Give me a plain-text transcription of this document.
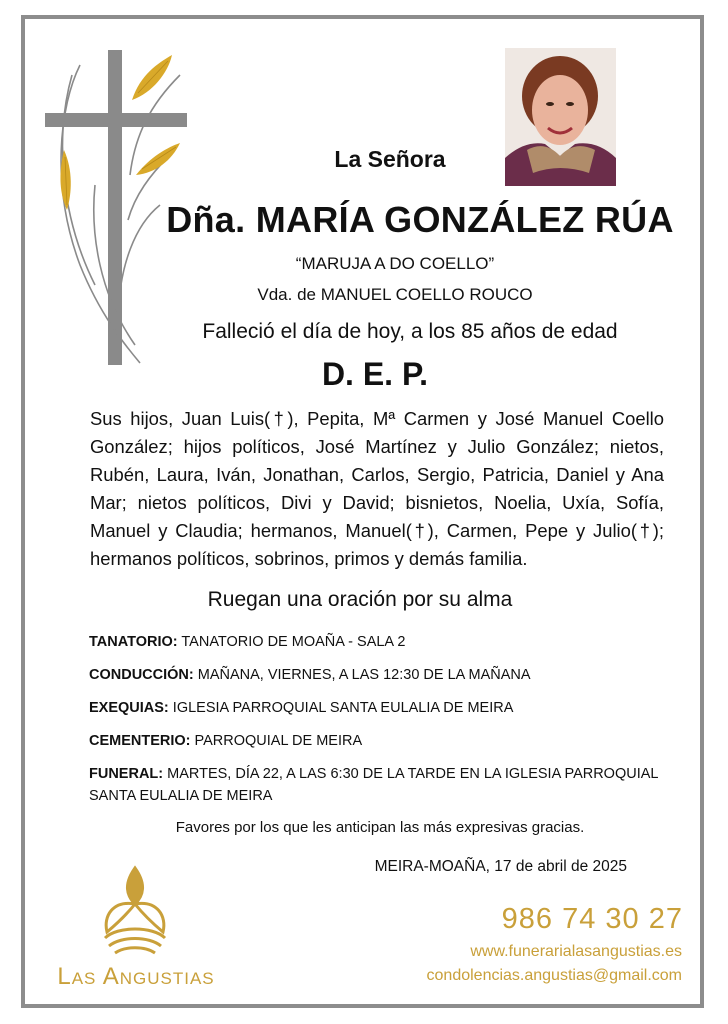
La Señora
Dña. MARÍA GONZÁLEZ RÚA
“MARUJA A DO COELLO”
Vda. de MANUEL COELLO ROUCO
Falleció el día de hoy, a los 85 años de edad
D. E. P.
Sus hijos, Juan Luis(†), Pepita, Mª Carmen y José Manuel Coello González; hijos políticos, José Martínez y Julio González; nietos, Rubén, Laura, Iván, Jonathan, Carlos, Sergio, Patricia, Daniel y Ana Mar; nietos políticos, Divi y David; bisnietos, Noelia, Uxía, Sofía, Manuel y Claudia; hermanos, Manuel(†), Carmen, Pepe y Julio(†); hermanos políticos, sobrinos, primos y demás familia.
Ruegan una oración por su alma
TANATORIO: TANATORIO DE MOAÑA - SALA 2
CONDUCCIÓN: MAÑANA, VIERNES, A LAS 12:30 DE LA MAÑANA
EXEQUIAS: IGLESIA PARROQUIAL SANTA EULALIA DE MEIRA
CEMENTERIO: PARROQUIAL DE MEIRA
FUNERAL: MARTES, DÍA 22, A LAS 6:30 DE LA TARDE EN LA IGLESIA PARROQUIAL SANTA EULALIA DE MEIRA
Favores por los que les anticipan las más expresivas gracias.
MEIRA-MOAÑA, 17 de abril de 2025
Las Angustias
986 74 30 27
www.funerarialasangustias.es
condolencias.angustias@gmail.com
